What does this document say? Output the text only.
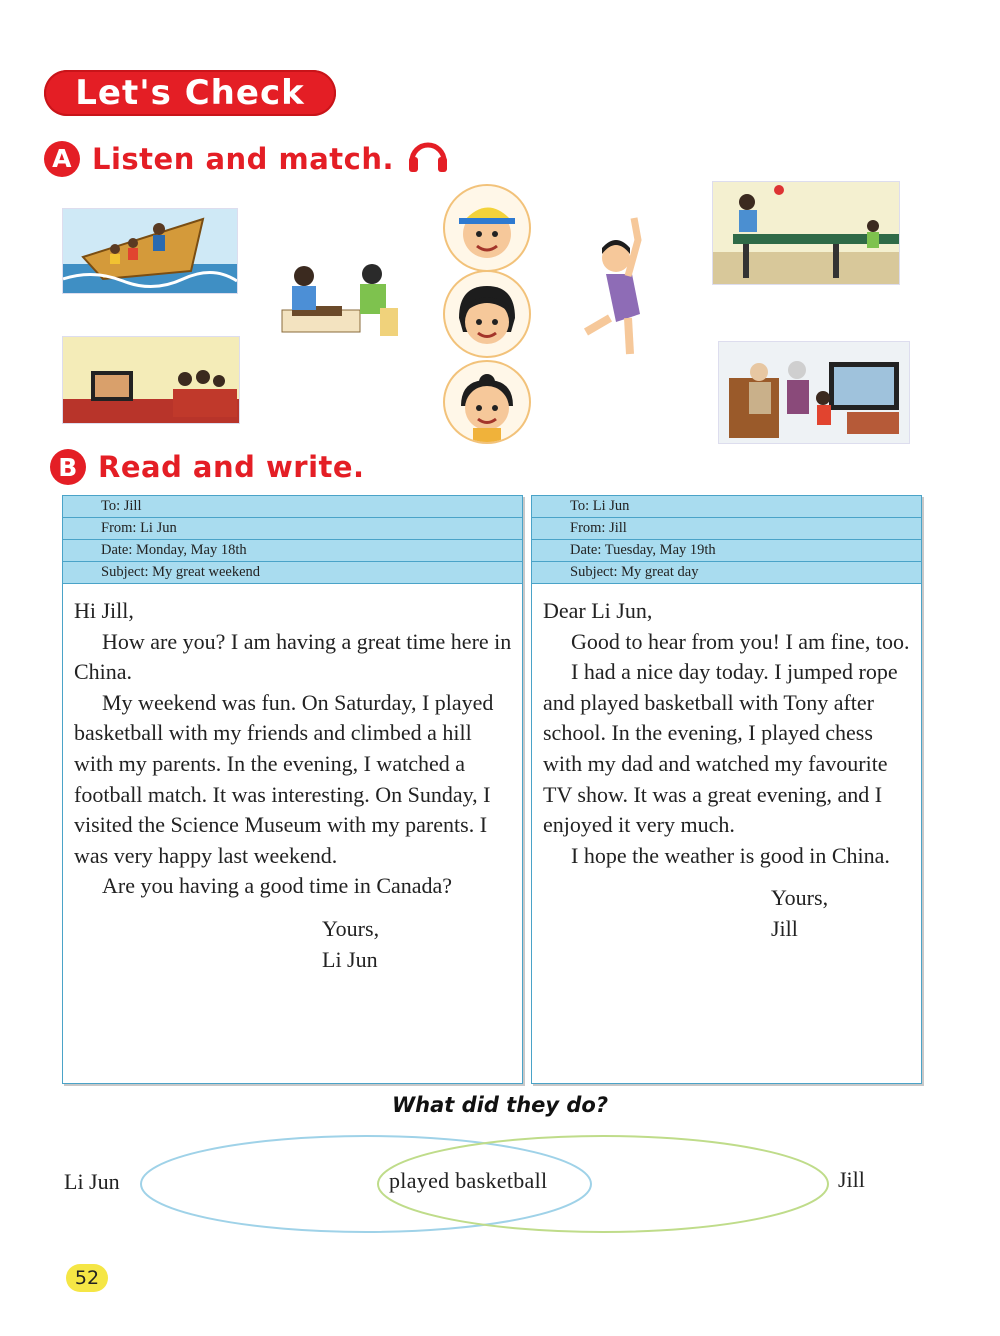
Let's Check
A Listen and match.
B Read and write.
To: Jill
From: Li Jun
Date: Monday, May 18th
Subject: My great weekend

Hi Jill,

How are you? I am having a great time here in China.

My weekend was fun. On Saturday, I played basketball with my friends and climbed a hill with my parents. In the evening, I watched a football match. It was interesting. On Sunday, I visited the Science Museum with my parents. I was very happy last weekend.

Are you having a good time in Canada?

Yours,

Li Jun

To: Li Jun
From: Jill
Date: Tuesday, May 19th
Subject: My great day

Dear Li Jun,

Good to hear from you! I am fine, too.

I had a nice day today. I jumped rope and played basketball with Tony after school. In the evening, I played chess with my dad and watched my favourite TV show. It was a great evening, and I enjoyed it very much.

I hope the weather is good in China.

Yours,

Jill

What did they do?
Li Jun	Jill
played basketball
52
